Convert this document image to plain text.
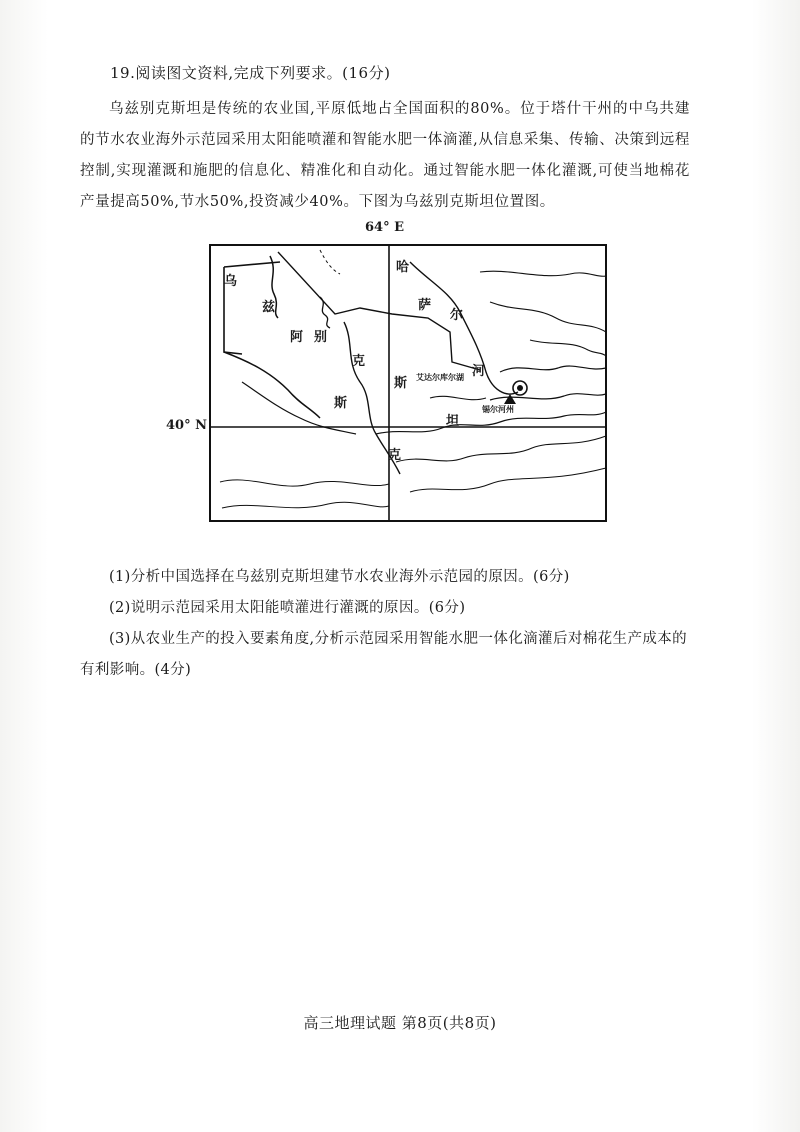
19.阅读图文资料,完成下列要求。(16分)
乌兹别克斯坦是传统的农业国,平原低地占全国面积的80%。位于塔什干州的中乌共建的节水农业海外示范园采用太阳能喷灌和智能水肥一体滴灌,从信息采集、传输、决策到远程控制,实现灌溉和施肥的信息化、精准化和自动化。通过智能水肥一体化灌溉,可使当地棉花产量提高50%,节水50%,投资减少40%。下图为乌兹别克斯坦位置图。
64° E
40° N
乌
兹
阿 别
克
斯
斯
坦
哈
萨
克
尔
河
艾达尔库尔湖
锡尔河州

(1)分析中国选择在乌兹别克斯坦建节水农业海外示范园的原因。(6分)

(2)说明示范园采用太阳能喷灌进行灌溉的原因。(6分)

(3)从农业生产的投入要素角度,分析示范园采用智能水肥一体化滴灌后对棉花生产成本的有利影响。(4分)

高三地理试题 第8页(共8页)
